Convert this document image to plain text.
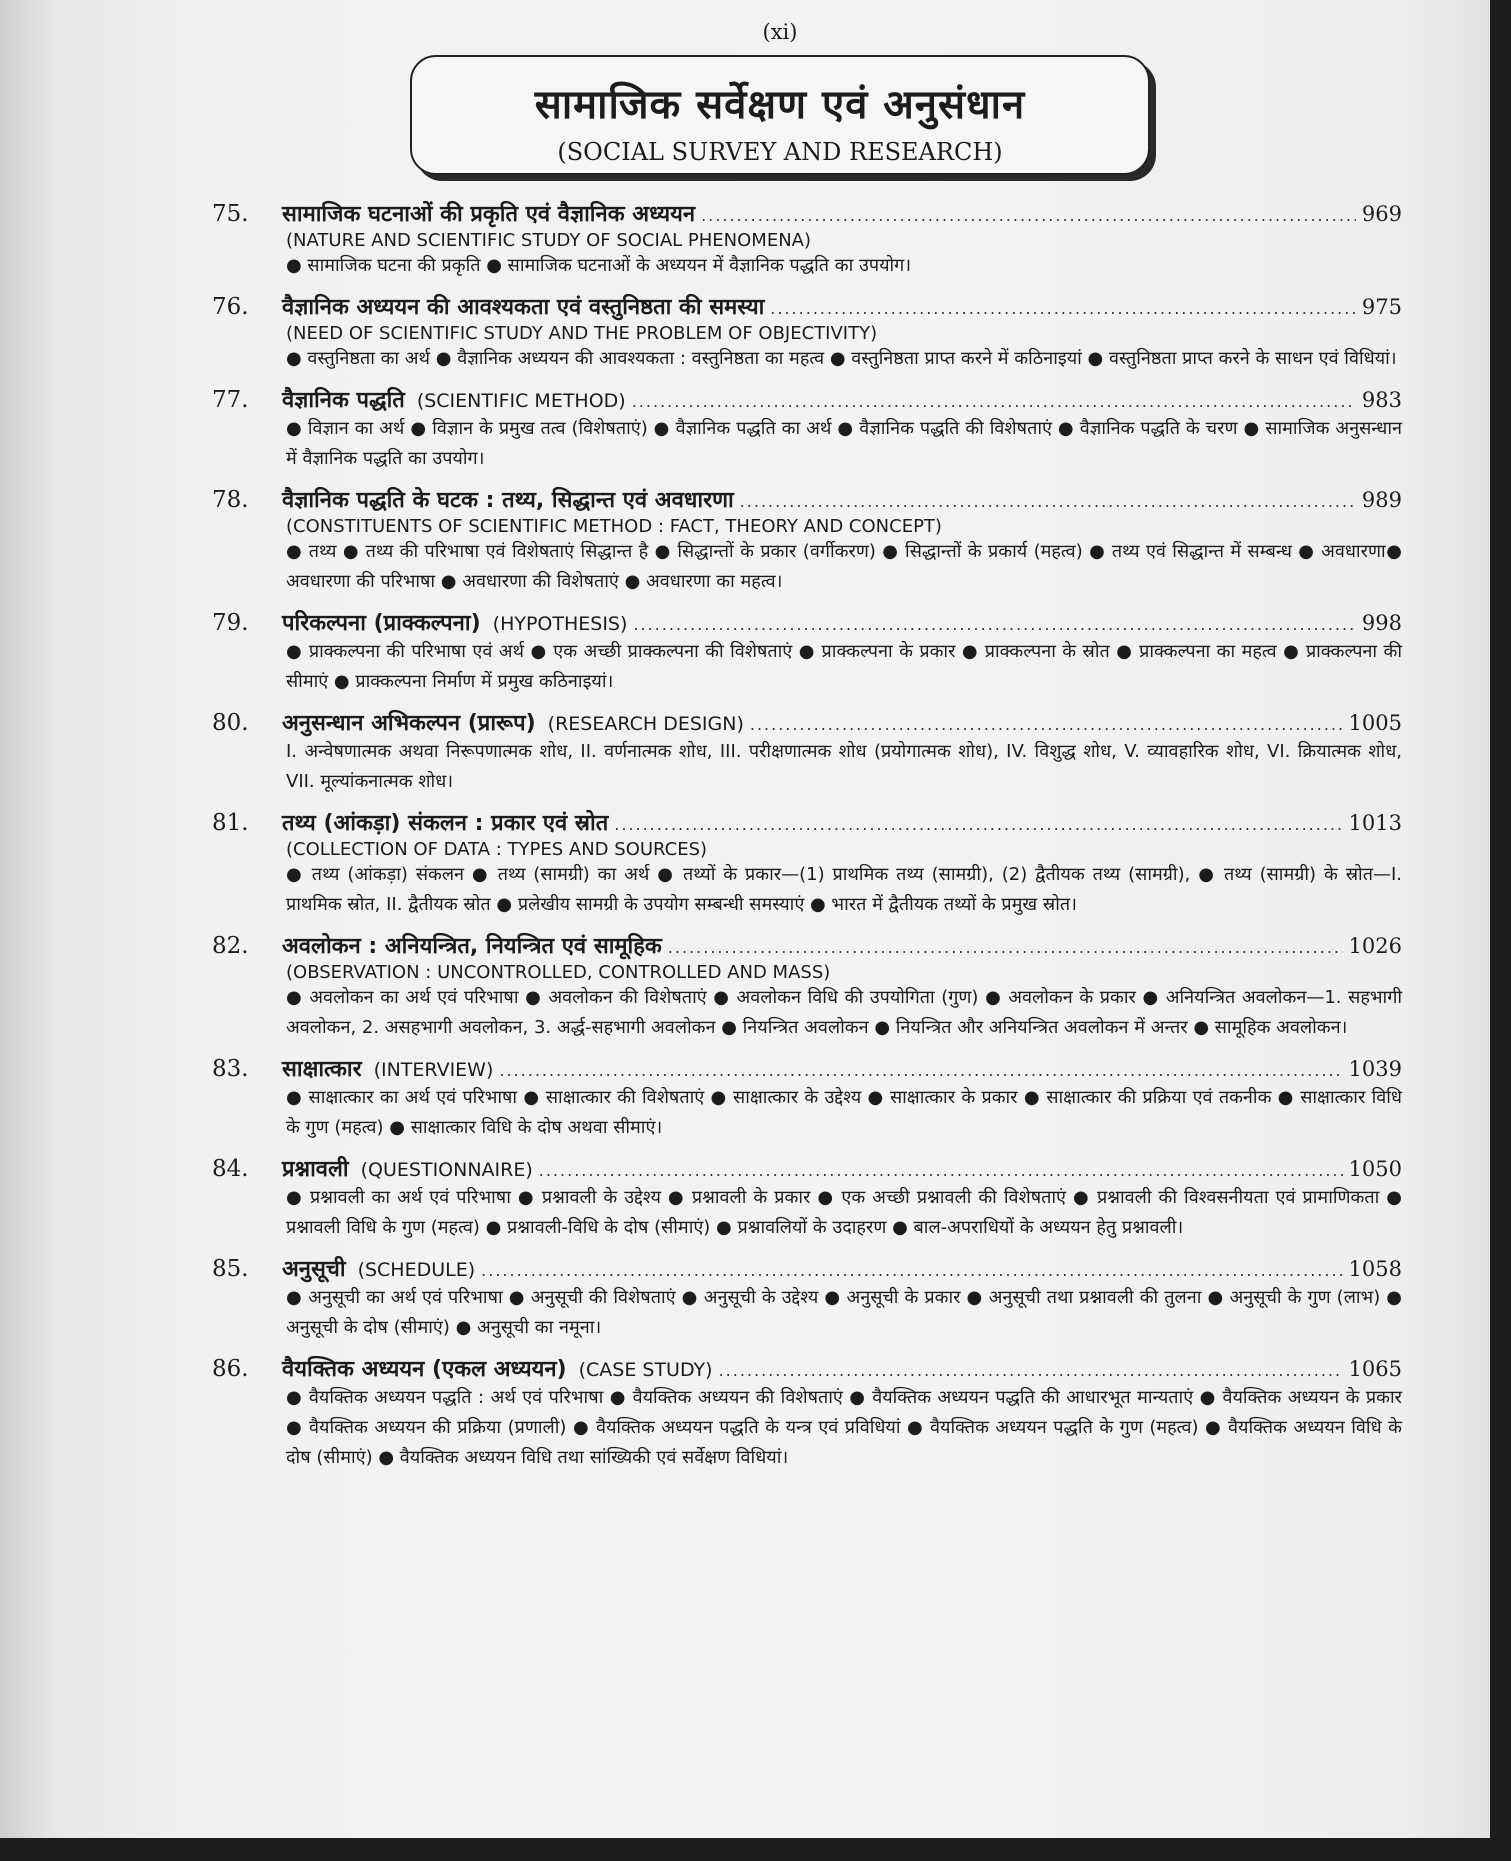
(xi)
सामाजिक सर्वेक्षण एवं अनुसंधान
(SOCIAL SURVEY AND RESEARCH)
75.	सामाजिक घटनाओं की प्रकृति एवं वैज्ञानिक अध्ययन .....	969
(NATURE AND SCIENTIFIC STUDY OF SOCIAL PHENOMENA)
● सामाजिक घटना की प्रकृति ● सामाजिक घटनाओं के अध्ययन में वैज्ञानिक पद्धति का उपयोग।
76.	वैज्ञानिक अध्ययन की आवश्यकता एवं वस्तुनिष्ठता की समस्या .....	975
(NEED OF SCIENTIFIC STUDY AND THE PROBLEM OF OBJECTIVITY)
● वस्तुनिष्ठता का अर्थ ● वैज्ञानिक अध्ययन की आवश्यकता : वस्तुनिष्ठता का महत्व ● वस्तुनिष्ठता प्राप्त करने में कठिनाइयां ● वस्तुनिष्ठता प्राप्त करने के साधन एवं विधियां।
77.	वैज्ञानिक पद्धति (SCIENTIFIC METHOD) .....	983
● विज्ञान का अर्थ ● विज्ञान के प्रमुख तत्व (विशेषताएं) ● वैज्ञानिक पद्धति का अर्थ ● वैज्ञानिक पद्धति की विशेषताएं ● वैज्ञानिक पद्धति के चरण ● सामाजिक अनुसन्धान में वैज्ञानिक पद्धति का उपयोग।
78.	वैज्ञानिक पद्धति के घटक : तथ्य, सिद्धान्त एवं अवधारणा .....	989
(CONSTITUENTS OF SCIENTIFIC METHOD : FACT, THEORY AND CONCEPT)
● तथ्य ● तथ्य की परिभाषा एवं विशेषताएं सिद्धान्त है ● सिद्धान्तों के प्रकार (वर्गीकरण) ● सिद्धान्तों के प्रकार्य (महत्व) ● तथ्य एवं सिद्धान्त में सम्बन्ध ● अवधारणा● अवधारणा की परिभाषा ● अवधारणा की विशेषताएं ● अवधारणा का महत्व।
79.	परिकल्पना (प्राक्कल्पना) (HYPOTHESIS) .....	998
● प्राक्कल्पना की परिभाषा एवं अर्थ ● एक अच्छी प्राक्कल्पना की विशेषताएं ● प्राक्कल्पना के प्रकार ● प्राक्कल्पना के स्रोत ● प्राक्कल्पना का महत्व ● प्राक्कल्पना की सीमाएं ● प्राक्कल्पना निर्माण में प्रमुख कठिनाइयां।
80.	अनुसन्धान अभिकल्पन (प्रारूप) (RESEARCH DESIGN) .....	1005
I. अन्वेषणात्मक अथवा निरूपणात्मक शोध, II. वर्णनात्मक शोध, III. परीक्षणात्मक शोध (प्रयोगात्मक शोध), IV. विशुद्ध शोध, V. व्यावहारिक शोध, VI. क्रियात्मक शोध, VII. मूल्यांकनात्मक शोध।
81.	तथ्य (आंकड़ा) संकलन : प्रकार एवं स्रोत .....	1013
(COLLECTION OF DATA : TYPES AND SOURCES)
● तथ्य (आंकड़ा) संकलन ● तथ्य (सामग्री) का अर्थ ● तथ्यों के प्रकार—(1) प्राथमिक तथ्य (सामग्री), (2) द्वैतीयक तथ्य (सामग्री), ● तथ्य (सामग्री) के स्रोत—I. प्राथमिक स्रोत, II. द्वैतीयक स्रोत ● प्रलेखीय सामग्री के उपयोग सम्बन्धी समस्याएं ● भारत में द्वैतीयक तथ्यों के प्रमुख स्रोत।
82.	अवलोकन : अनियन्त्रित, नियन्त्रित एवं सामूहिक .....	1026
(OBSERVATION : UNCONTROLLED, CONTROLLED AND MASS)
● अवलोकन का अर्थ एवं परिभाषा ● अवलोकन की विशेषताएं ● अवलोकन विधि की उपयोगिता (गुण) ● अवलोकन के प्रकार ● अनियन्त्रित अवलोकन—1. सहभागी अवलोकन, 2. असहभागी अवलोकन, 3. अर्द्ध-सहभागी अवलोकन ● नियन्त्रित अवलोकन ● नियन्त्रित और अनियन्त्रित अवलोकन में अन्तर ● सामूहिक अवलोकन।
83.	साक्षात्कार (INTERVIEW) .....	1039
● साक्षात्कार का अर्थ एवं परिभाषा ● साक्षात्कार की विशेषताएं ● साक्षात्कार के उद्देश्य ● साक्षात्कार के प्रकार ● साक्षात्कार की प्रक्रिया एवं तकनीक ● साक्षात्कार विधि के गुण (महत्व) ● साक्षात्कार विधि के दोष अथवा सीमाएं।
84.	प्रश्नावली (QUESTIONNAIRE) .....	1050
● प्रश्नावली का अर्थ एवं परिभाषा ● प्रश्नावली के उद्देश्य ● प्रश्नावली के प्रकार ● एक अच्छी प्रश्नावली की विशेषताएं ● प्रश्नावली की विश्वसनीयता एवं प्रामाणिकता ● प्रश्नावली विधि के गुण (महत्व) ● प्रश्नावली-विधि के दोष (सीमाएं) ● प्रश्नावलियों के उदाहरण ● बाल-अपराधियों के अध्ययन हेतु प्रश्नावली।
85.	अनुसूची (SCHEDULE) .....	1058
● अनुसूची का अर्थ एवं परिभाषा ● अनुसूची की विशेषताएं ● अनुसूची के उद्देश्य ● अनुसूची के प्रकार ● अनुसूची तथा प्रश्नावली की तुलना ● अनुसूची के गुण (लाभ) ● अनुसूची के दोष (सीमाएं) ● अनुसूची का नमूना।
86.	वैयक्तिक अध्ययन (एकल अध्ययन) (CASE STUDY) .....	1065
● वैयक्तिक अध्ययन पद्धति : अर्थ एवं परिभाषा ● वैयक्तिक अध्ययन की विशेषताएं ● वैयक्तिक अध्ययन पद्धति की आधारभूत मान्यताएं ● वैयक्तिक अध्ययन के प्रकार ● वैयक्तिक अध्ययन की प्रक्रिया (प्रणाली) ● वैयक्तिक अध्ययन पद्धति के यन्त्र एवं प्रविधियां ● वैयक्तिक अध्ययन पद्धति के गुण (महत्व) ● वैयक्तिक अध्ययन विधि के दोष (सीमाएं) ● वैयक्तिक अध्ययन विधि तथा सांख्यिकी एवं सर्वेक्षण विधियां।
